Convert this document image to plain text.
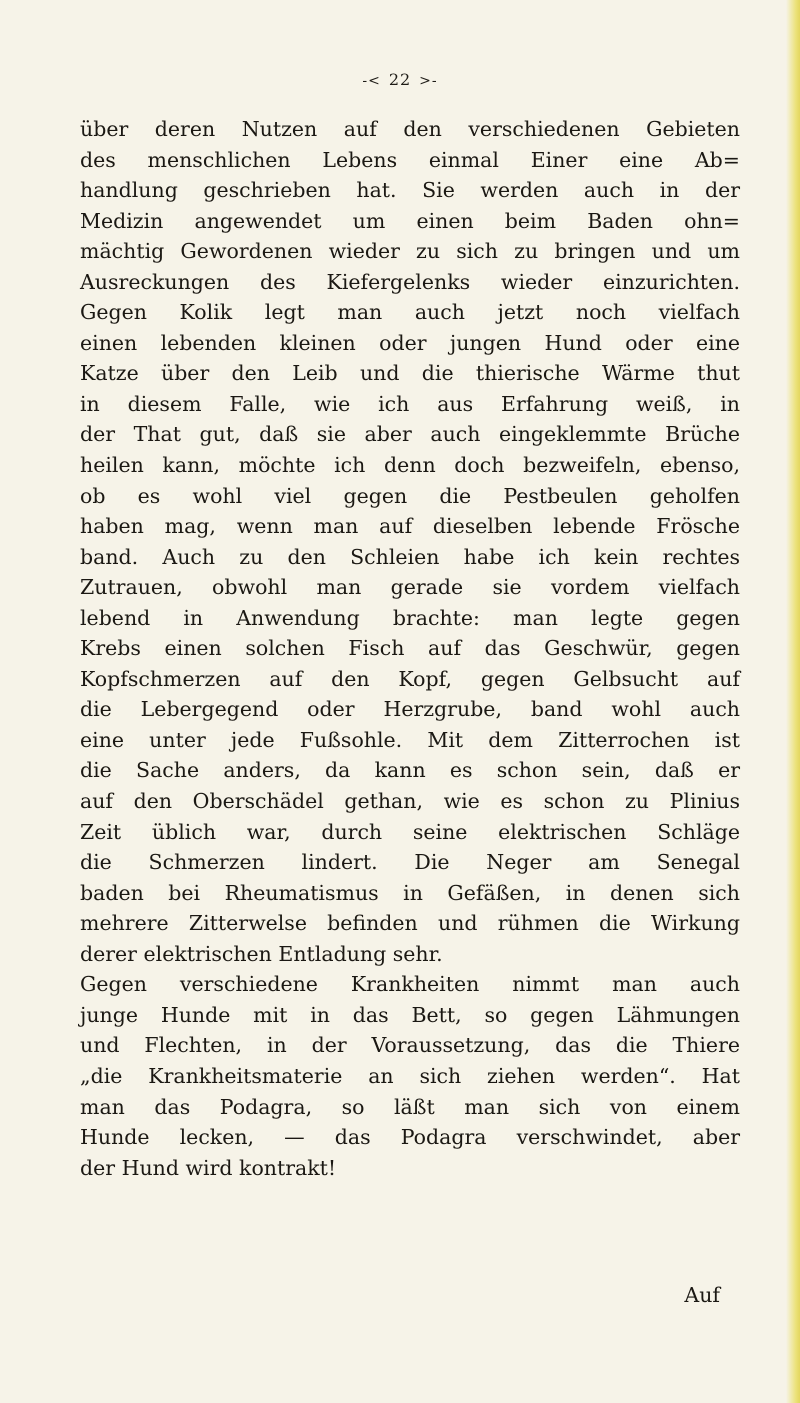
-< 22 >-
über deren Nutzen auf den verschiedenen Gebieten
des menschlichen Lebens einmal Einer eine Ab=
handlung geschrieben hat. Sie werden auch in der
Medizin angewendet um einen beim Baden ohn=
mächtig Gewordenen wieder zu sich zu bringen und um
Ausreckungen des Kiefergelenks wieder einzurichten.
Gegen Kolik legt man auch jetzt noch vielfach
einen lebenden kleinen oder jungen Hund oder eine
Katze über den Leib und die thierische Wärme thut
in diesem Falle, wie ich aus Erfahrung weiß, in
der That gut, daß sie aber auch eingeklemmte Brüche
heilen kann, möchte ich denn doch bezweifeln, ebenso,
ob es wohl viel gegen die Pestbeulen geholfen
haben mag, wenn man auf dieselben lebende Frösche
band. Auch zu den Schleien habe ich kein rechtes
Zutrauen, obwohl man gerade sie vordem vielfach
lebend in Anwendung brachte: man legte gegen
Krebs einen solchen Fisch auf das Geschwür, gegen
Kopfschmerzen auf den Kopf, gegen Gelbsucht auf
die Lebergegend oder Herzgrube, band wohl auch
eine unter jede Fußsohle. Mit dem Zitterrochen ist
die Sache anders, da kann es schon sein, daß er
auf den Oberschädel gethan, wie es schon zu Plinius
Zeit üblich war, durch seine elektrischen Schläge
die Schmerzen lindert. Die Neger am Senegal
baden bei Rheumatismus in Gefäßen, in denen sich
mehrere Zitterwelse befinden und rühmen die Wirkung
derer elektrischen Entladung sehr.
Gegen verschiedene Krankheiten nimmt man auch
junge Hunde mit in das Bett, so gegen Lähmungen
und Flechten, in der Voraussetzung, das die Thiere
„die Krankheitsmaterie an sich ziehen werden“. Hat
man das Podagra, so läßt man sich von einem
Hunde lecken, — das Podagra verschwindet, aber
der Hund wird kontrakt!
Auf
